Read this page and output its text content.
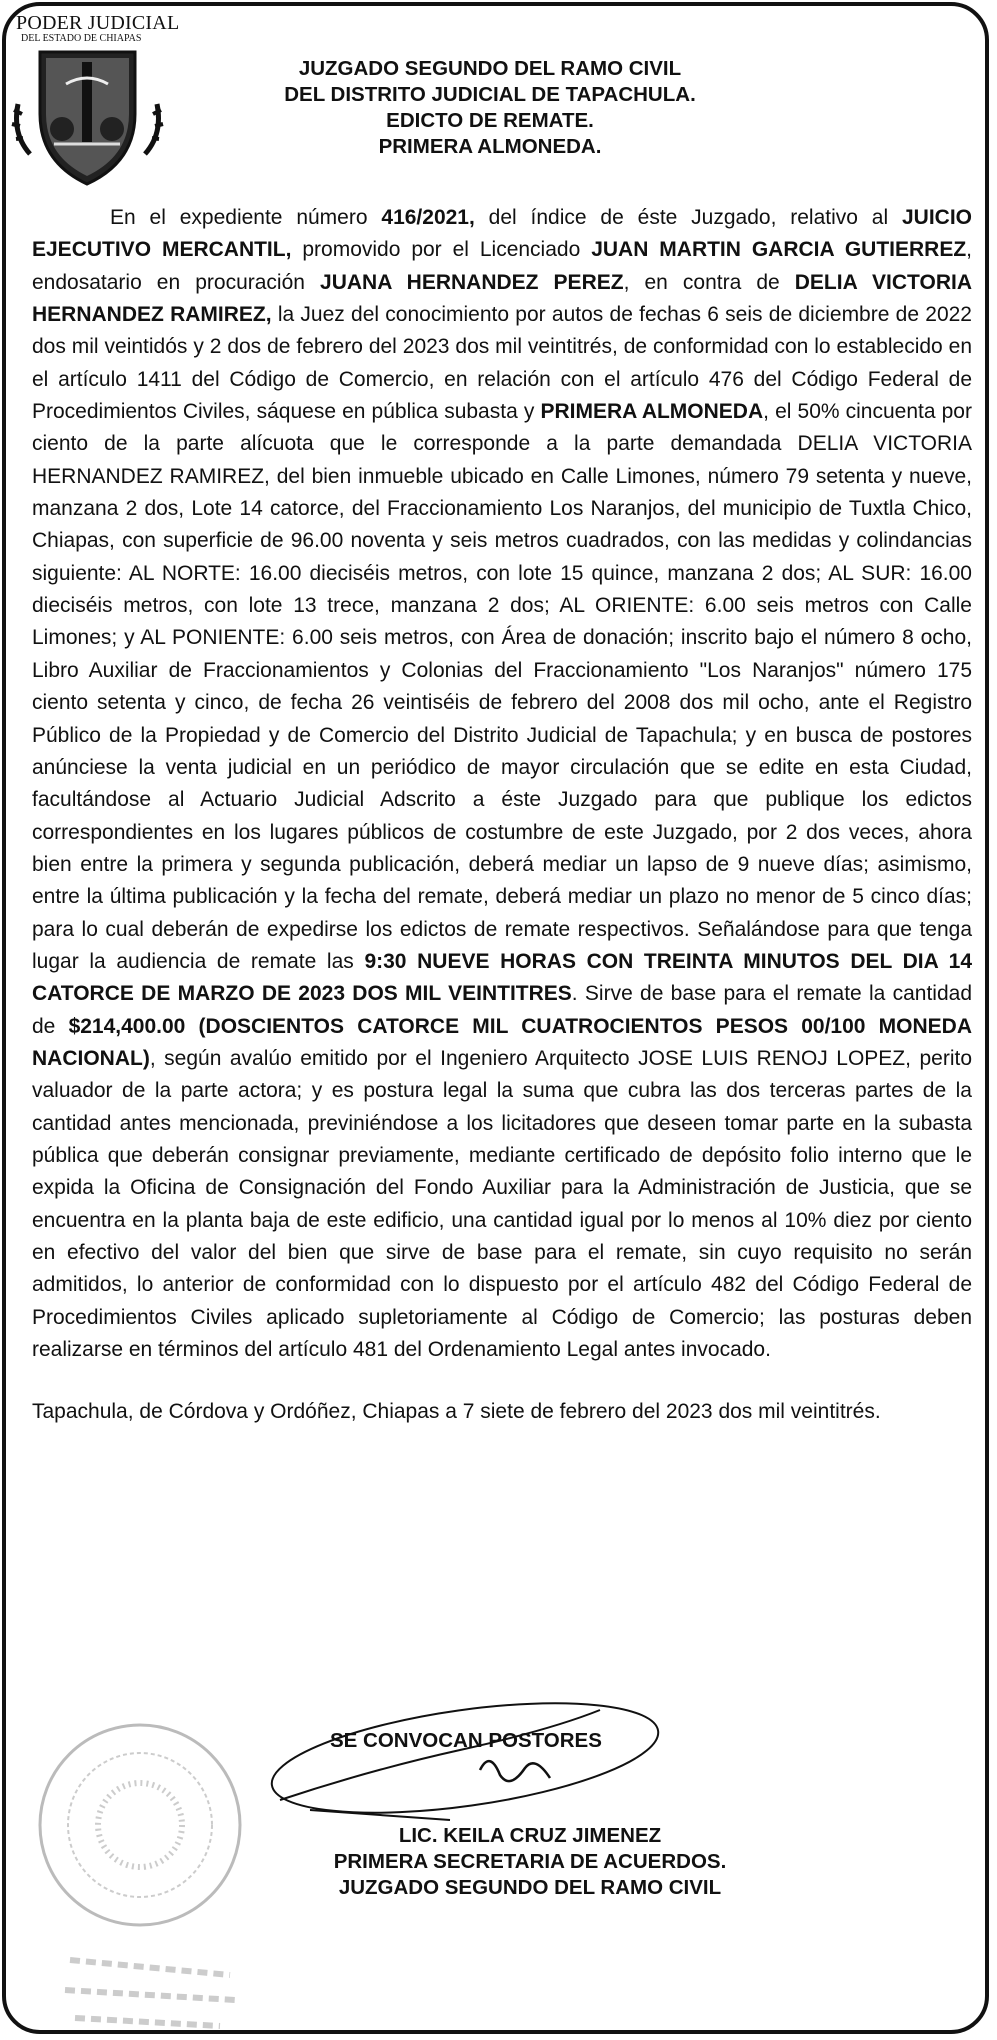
PODER JUDICIAL
DEL ESTADO DE CHIAPAS
JUZGADO SEGUNDO DEL RAMO CIVIL
DEL DISTRITO JUDICIAL DE TAPACHULA.
EDICTO DE REMATE.
PRIMERA ALMONEDA.

En el expediente número 416/2021, del índice de éste Juzgado, relativo al JUICIO EJECUTIVO MERCANTIL, promovido por el Licenciado JUAN MARTIN GARCIA GUTIERREZ, endosatario en procuración JUANA HERNANDEZ PEREZ, en contra de DELIA VICTORIA HERNANDEZ RAMIREZ, la Juez del conocimiento por autos de fechas 6 seis de diciembre de 2022 dos mil veintidós y 2 dos de febrero del 2023 dos mil veintitrés, de conformidad con lo establecido en el artículo 1411 del Código de Comercio, en relación con el artículo 476 del Código Federal de Procedimientos Civiles, sáquese en pública subasta y PRIMERA ALMONEDA, el 50% cincuenta por ciento de la parte alícuota que le corresponde a la parte demandada DELIA VICTORIA HERNANDEZ RAMIREZ, del bien inmueble ubicado en Calle Limones, número 79 setenta y nueve, manzana 2 dos, Lote 14 catorce, del Fraccionamiento Los Naranjos, del municipio de Tuxtla Chico, Chiapas, con superficie de 96.00 noventa y seis metros cuadrados, con las medidas y colindancias siguiente: AL NORTE: 16.00 dieciséis metros, con lote 15 quince, manzana 2 dos; AL SUR: 16.00 dieciséis metros, con lote 13 trece, manzana 2 dos; AL ORIENTE: 6.00 seis metros con Calle Limones; y AL PONIENTE: 6.00 seis metros, con Área de donación; inscrito bajo el número 8 ocho, Libro Auxiliar de Fraccionamientos y Colonias del Fraccionamiento "Los Naranjos" número 175 ciento setenta y cinco, de fecha 26 veintiséis de febrero del 2008 dos mil ocho, ante el Registro Público de la Propiedad y de Comercio del Distrito Judicial de Tapachula; y en busca de postores anúnciese la venta judicial en un periódico de mayor circulación que se edite en esta Ciudad, facultándose al Actuario Judicial Adscrito a éste Juzgado para que publique los edictos correspondientes en los lugares públicos de costumbre de este Juzgado, por 2 dos veces, ahora bien entre la primera y segunda publicación, deberá mediar un lapso de 9 nueve días; asimismo, entre la última publicación y la fecha del remate, deberá mediar un plazo no menor de 5 cinco días; para lo cual deberán de expedirse los edictos de remate respectivos. Señalándose para que tenga lugar la audiencia de remate las 9:30 NUEVE HORAS CON TREINTA MINUTOS DEL DIA 14 CATORCE DE MARZO DE 2023 DOS MIL VEINTITRES. Sirve de base para el remate la cantidad de $214,400.00 (DOSCIENTOS CATORCE MIL CUATROCIENTOS PESOS 00/100 MONEDA NACIONAL), según avalúo emitido por el Ingeniero Arquitecto JOSE LUIS RENOJ LOPEZ, perito valuador de la parte actora; y es postura legal la suma que cubra las dos terceras partes de la cantidad antes mencionada, previniéndose a los licitadores que deseen tomar parte en la subasta pública que deberán consignar previamente, mediante certificado de depósito folio interno que le expida la Oficina de Consignación del Fondo Auxiliar para la Administración de Justicia, que se encuentra en la planta baja de este edificio, una cantidad igual por lo menos al 10% diez por ciento en efectivo del valor del bien que sirve de base para el remate, sin cuyo requisito no serán admitidos, lo anterior de conformidad con lo dispuesto por el artículo 482 del Código Federal de Procedimientos Civiles aplicado supletoriamente al Código de Comercio; las posturas deben realizarse en términos del artículo 481 del Ordenamiento Legal antes invocado.

Tapachula, de Córdova y Ordóñez, Chiapas a 7 siete de febrero del 2023 dos mil veintitrés.

SE CONVOCAN POSTORES
LIC. KEILA CRUZ JIMENEZ
PRIMERA SECRETARIA DE ACUERDOS.
JUZGADO SEGUNDO DEL RAMO CIVIL
